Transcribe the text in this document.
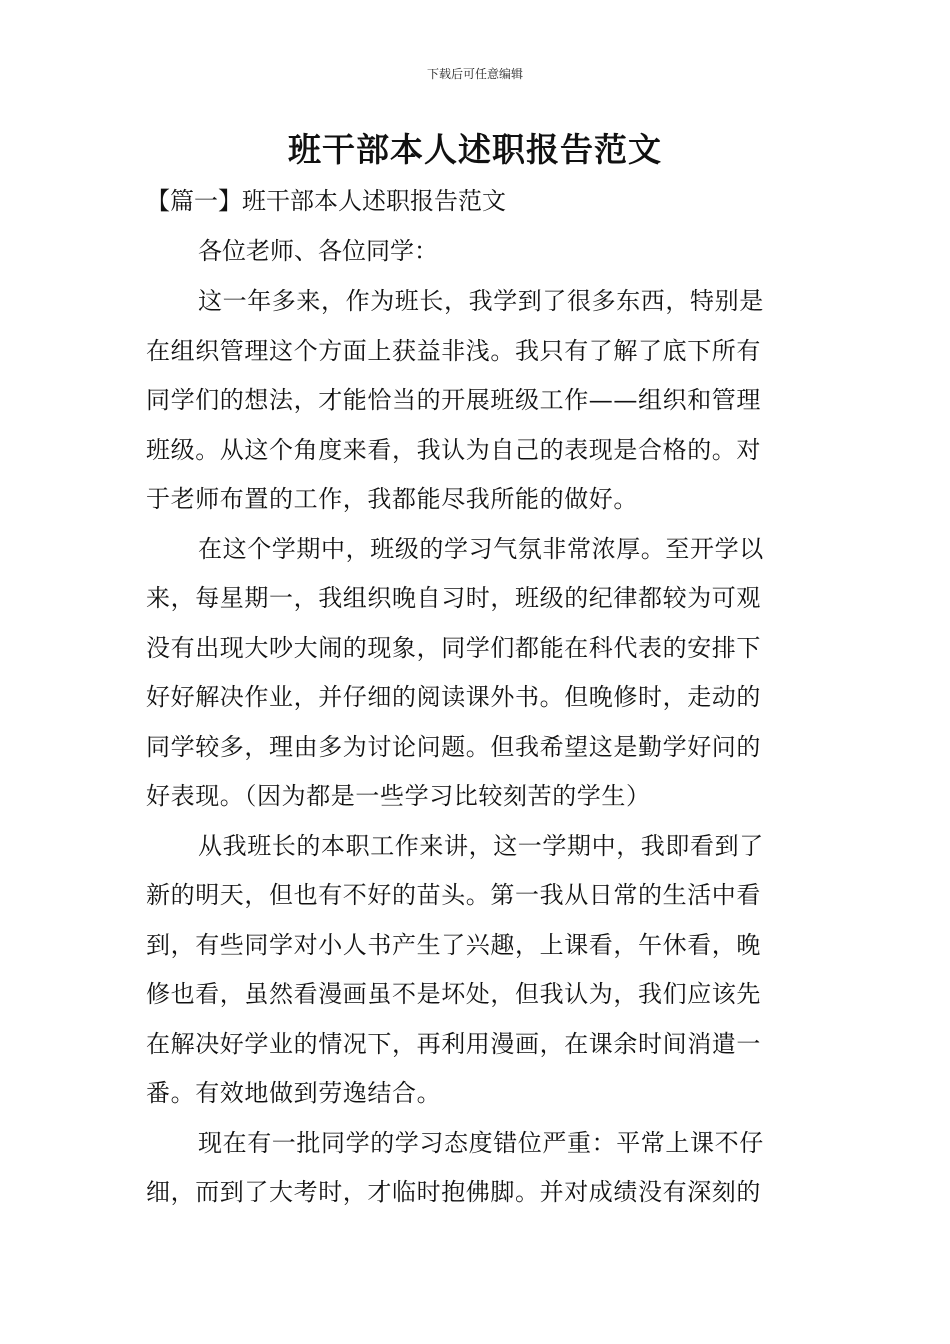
下载后可任意编辑
班干部本人述职报告范文

【篇一】班干部本人述职报告范文

各位老师、各位同学：

这一年多来，作为班长，我学到了很多东西，特别是
在组织管理这个方面上获益非浅。我只有了解了底下所有
同学们的想法，才能恰当的开展班级工作——组织和管理
班级。从这个角度来看，我认为自己的表现是合格的。对
于老师布置的工作，我都能尽我所能的做好。
在这个学期中，班级的学习气氛非常浓厚。至开学以
来，每星期一，我组织晚自习时，班级的纪律都较为可观
没有出现大吵大闹的现象，同学们都能在科代表的安排下
好好解决作业，并仔细的阅读课外书。但晚修时，走动的
同学较多，理由多为讨论问题。但我希望这是勤学好问的
好表现。（因为都是一些学习比较刻苦的学生）
从我班长的本职工作来讲，这一学期中，我即看到了
新的明天，但也有不好的苗头。第一我从日常的生活中看
到，有些同学对小人书产生了兴趣，上课看，午休看，晚
修也看，虽然看漫画虽不是坏处，但我认为，我们应该先
在解决好学业的情况下，再利用漫画，在课余时间消遣一
番。有效地做到劳逸结合。
现在有一批同学的学习态度错位严重：平常上课不仔
细，而到了大考时，才临时抱佛脚。并对成绩没有深刻的
